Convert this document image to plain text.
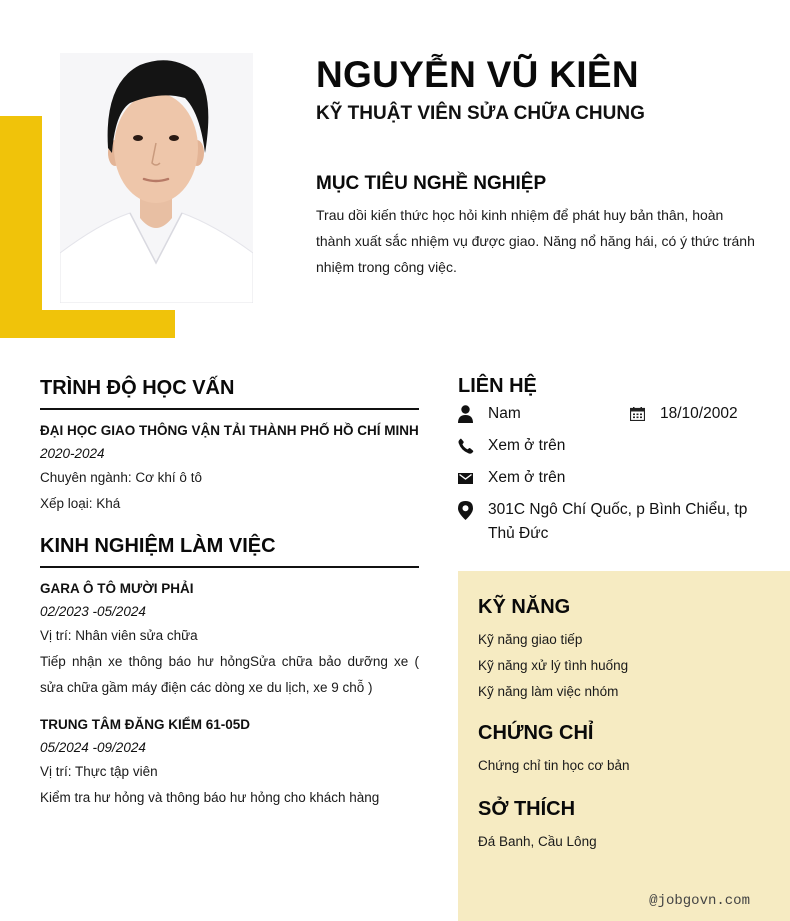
NGUYỄN VŨ KIÊN
KỸ THUẬT VIÊN SỬA CHỮA CHUNG
MỤC TIÊU NGHỀ NGHIỆP
Trau dồi kiến thức học hỏi kinh nhiệm để phát huy bản thân, hoàn thành xuất sắc nhiệm vụ được giao. Năng nổ hăng hái, có ý thức tránh nhiệm trong công việc.
TRÌNH ĐỘ HỌC VẤN
ĐẠI HỌC GIAO THÔNG VẬN TẢI THÀNH PHỐ HỒ CHÍ MINH
2020-2024
Chuyên ngành: Cơ khí ô tô
Xếp loại: Khá
KINH NGHIỆM LÀM VIỆC
GARA Ô TÔ MƯỜI PHẢI
02/2023 -05/2024
Vị trí: Nhân viên sửa chữa
Tiếp nhận xe thông báo hư hỏngSửa chữa bảo dưỡng xe ( sửa chữa gầm máy điện các dòng xe du lịch, xe 9 chỗ )
TRUNG TÂM ĐĂNG KIỂM 61-05D
05/2024 -09/2024
Vị trí: Thực tập viên
Kiểm tra hư hỏng và thông báo hư hỏng cho khách hàng
LIÊN HỆ
Nam	18/10/2002
Xem ở trên
Xem ở trên
301C Ngô Chí Quốc, p Bình Chiểu, tp Thủ Đức
KỸ NĂNG
Kỹ năng giao tiếp
Kỹ năng xử lý tình huống
Kỹ năng làm việc nhóm
CHỨNG CHỈ
Chứng chỉ tin học cơ bản
SỞ THÍCH
Đá Banh, Cầu Lông
@jobgovn.com
